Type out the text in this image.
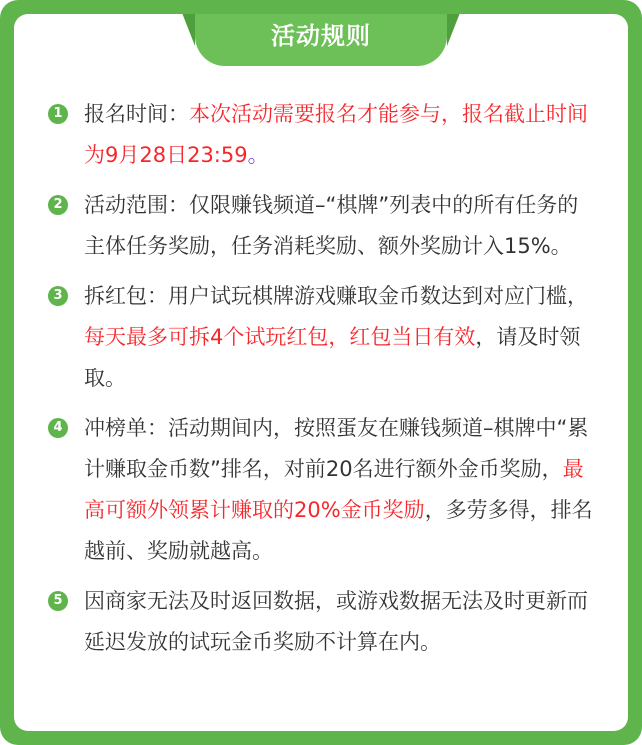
活动规则
1 报名时间：本次活动需要报名才能参与，报名截止时间为9月28日23:59。
2 活动范围：仅限赚钱频道–“棋牌”列表中的所有任务的主体任务奖励，任务消耗奖励、额外奖励计入15%。
3 拆红包：用户试玩棋牌游戏赚取金币数达到对应门槛，每天最多可拆4个试玩红包，红包当日有效，请及时领取。
4 冲榜单：活动期间内，按照蛋友在赚钱频道–棋牌中“累计赚取金币数”排名，对前20名进行额外金币奖励，最高可额外领累计赚取的20%金币奖励，多劳多得，排名越前、奖励就越高。
5 因商家无法及时返回数据，或游戏数据无法及时更新而延迟发放的试玩金币奖励不计算在内。
